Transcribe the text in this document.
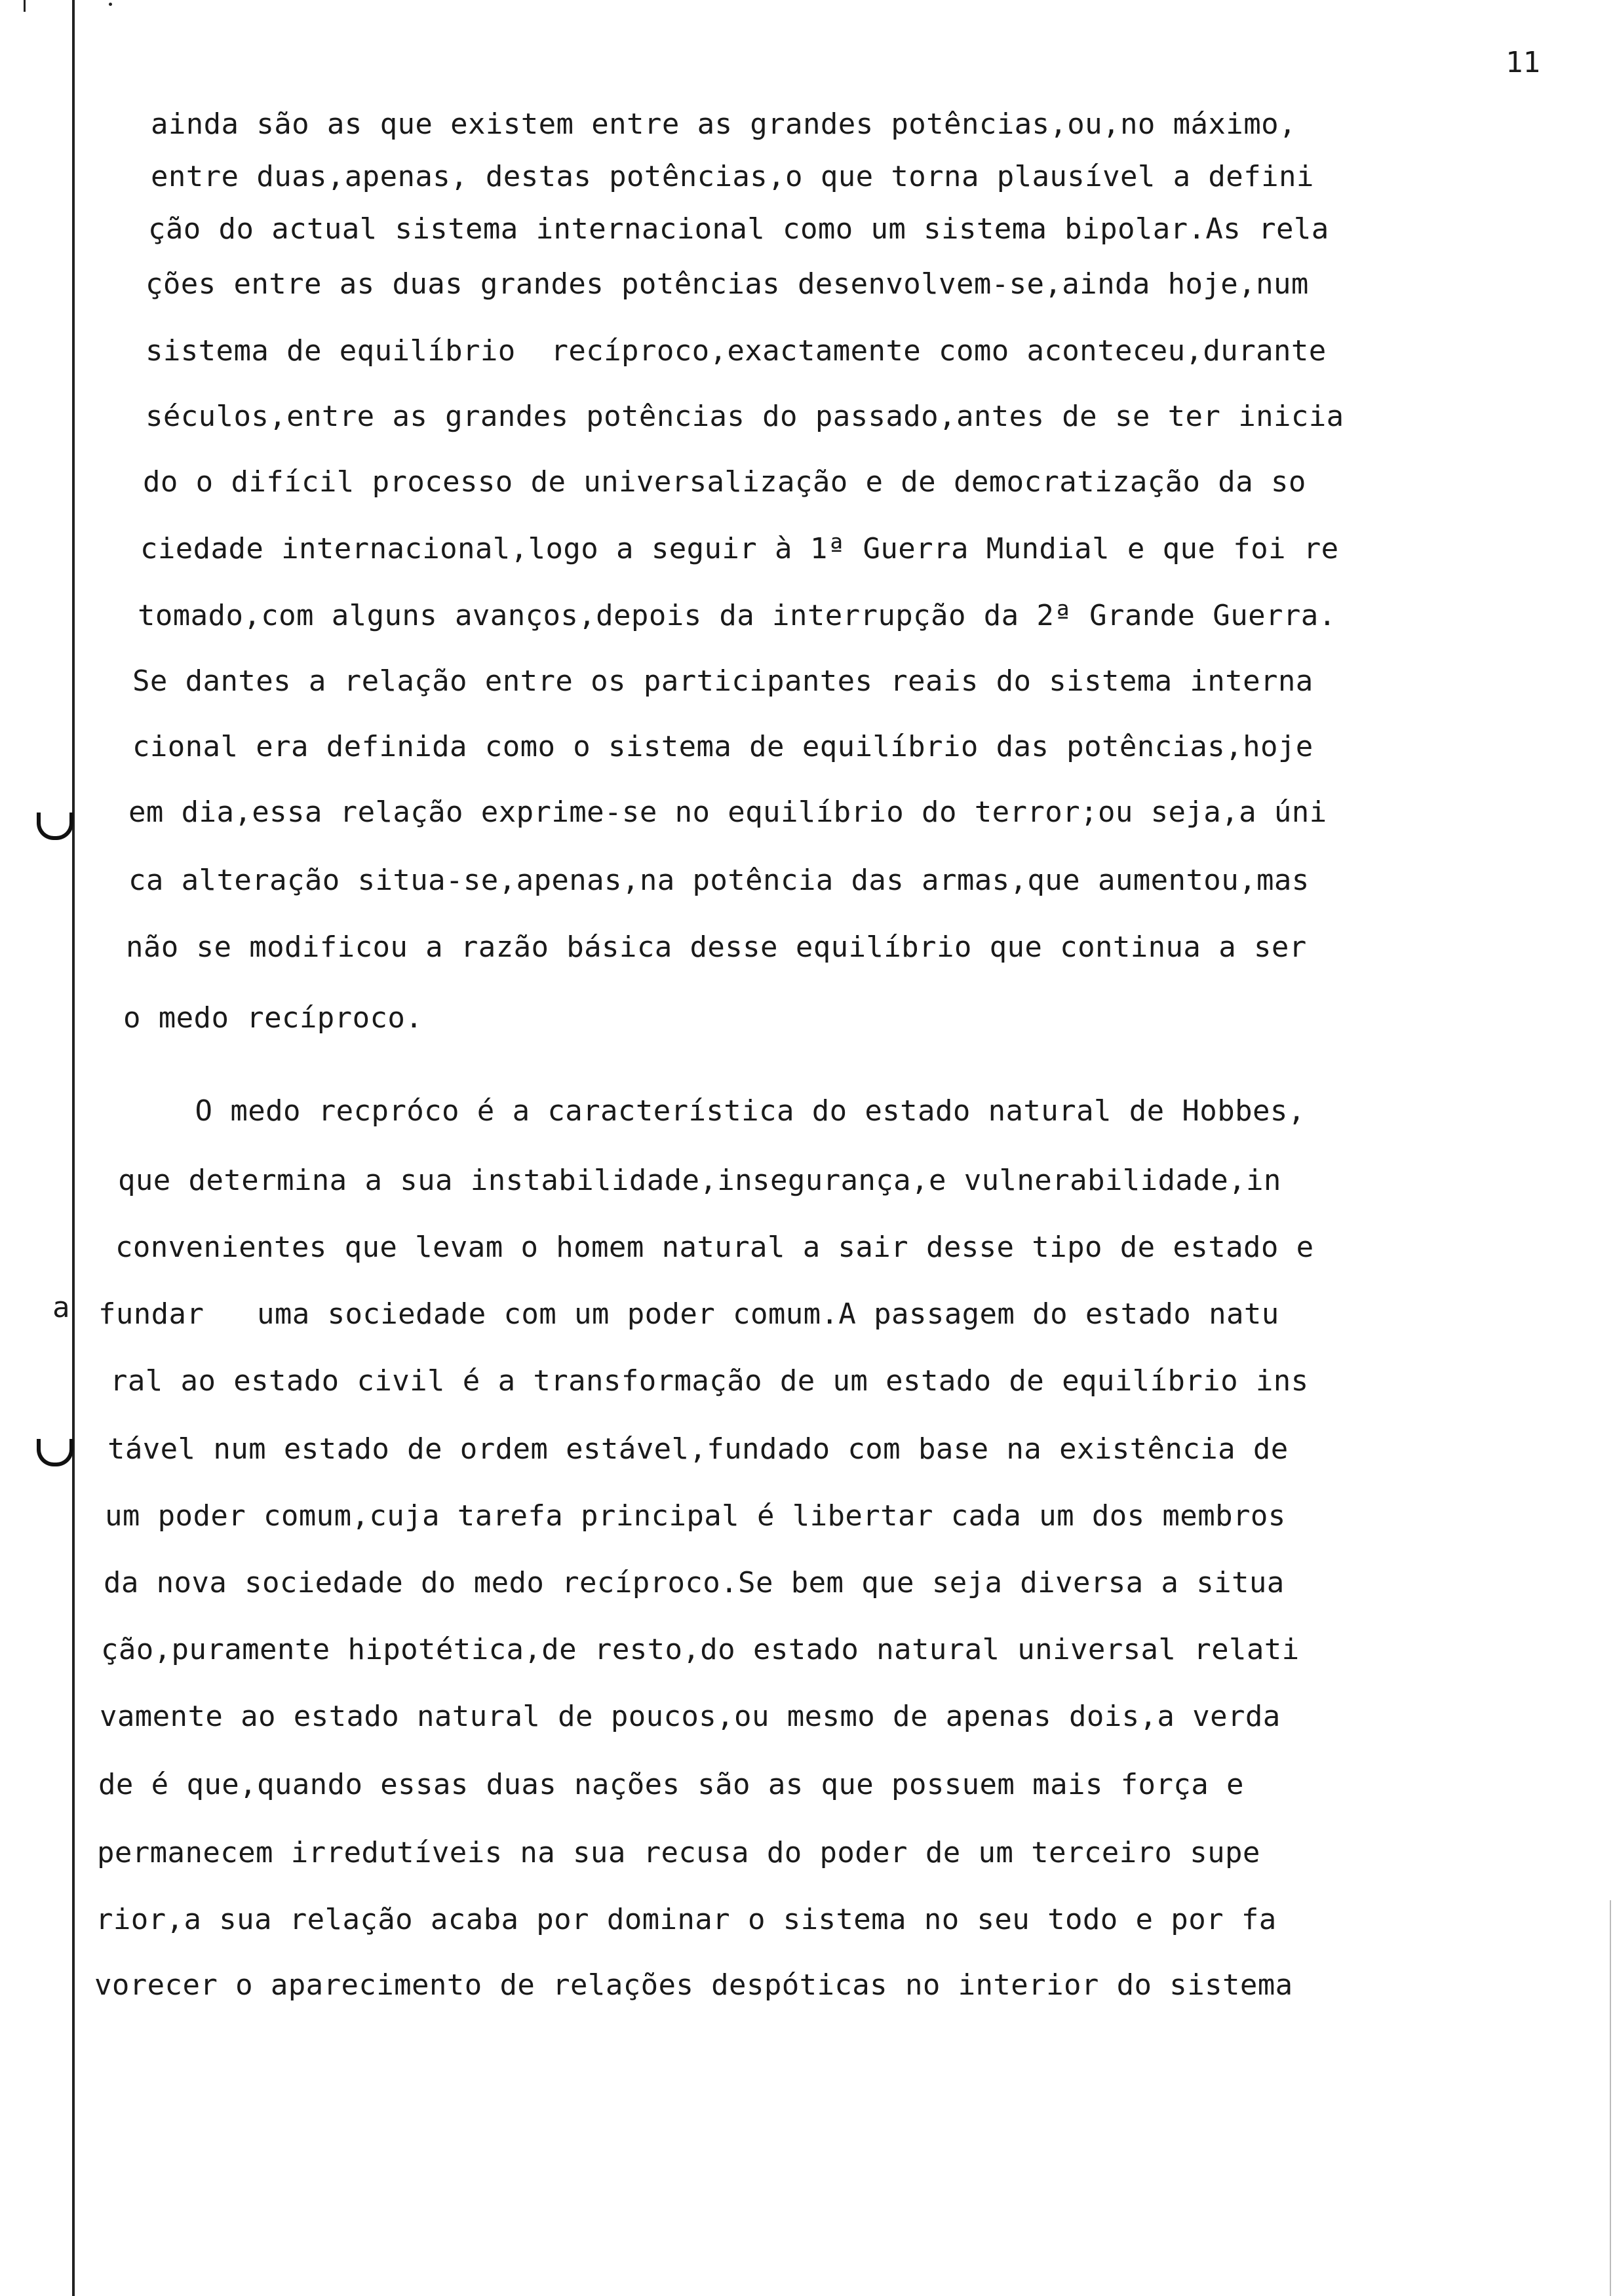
11
a
ainda são as que existem entre as grandes potências,ou,no máximo,
entre duas,apenas, destas potências,o que torna plausível a defini
ção do actual sistema internacional como um sistema bipolar.As rela
ções entre as duas grandes potências desenvolvem-se,ainda hoje,num
sistema de equilíbrio  recíproco,exactamente como aconteceu,durante
séculos,entre as grandes potências do passado,antes de se ter inicia
do o difícil processo de universalização e de democratização da so
ciedade internacional,logo a seguir à 1ª Guerra Mundial e que foi re
tomado,com alguns avanços,depois da interrupção da 2ª Grande Guerra.
Se dantes a relação entre os participantes reais do sistema interna
cional era definida como o sistema de equilíbrio das potências,hoje
em dia,essa relação exprime-se no equilíbrio do terror;ou seja,a úni
ca alteração situa-se,apenas,na potência das armas,que aumentou,mas
não se modificou a razão básica desse equilíbrio que continua a ser
o medo recíproco.
O medo recpróco é a característica do estado natural de Hobbes,
que determina a sua instabilidade,insegurança,e vulnerabilidade,in
convenientes que levam o homem natural a sair desse tipo de estado e
fundar   uma sociedade com um poder comum.A passagem do estado natu
ral ao estado civil é a transformação de um estado de equilíbrio ins
tável num estado de ordem estável,fundado com base na existência de
um poder comum,cuja tarefa principal é libertar cada um dos membros
da nova sociedade do medo recíproco.Se bem que seja diversa a situa
ção,puramente hipotética,de resto,do estado natural universal relati
vamente ao estado natural de poucos,ou mesmo de apenas dois,a verda
de é que,quando essas duas nações são as que possuem mais força e
permanecem irredutíveis na sua recusa do poder de um terceiro supe
rior,a sua relação acaba por dominar o sistema no seu todo e por fa
vorecer o aparecimento de relações despóticas no interior do sistema
